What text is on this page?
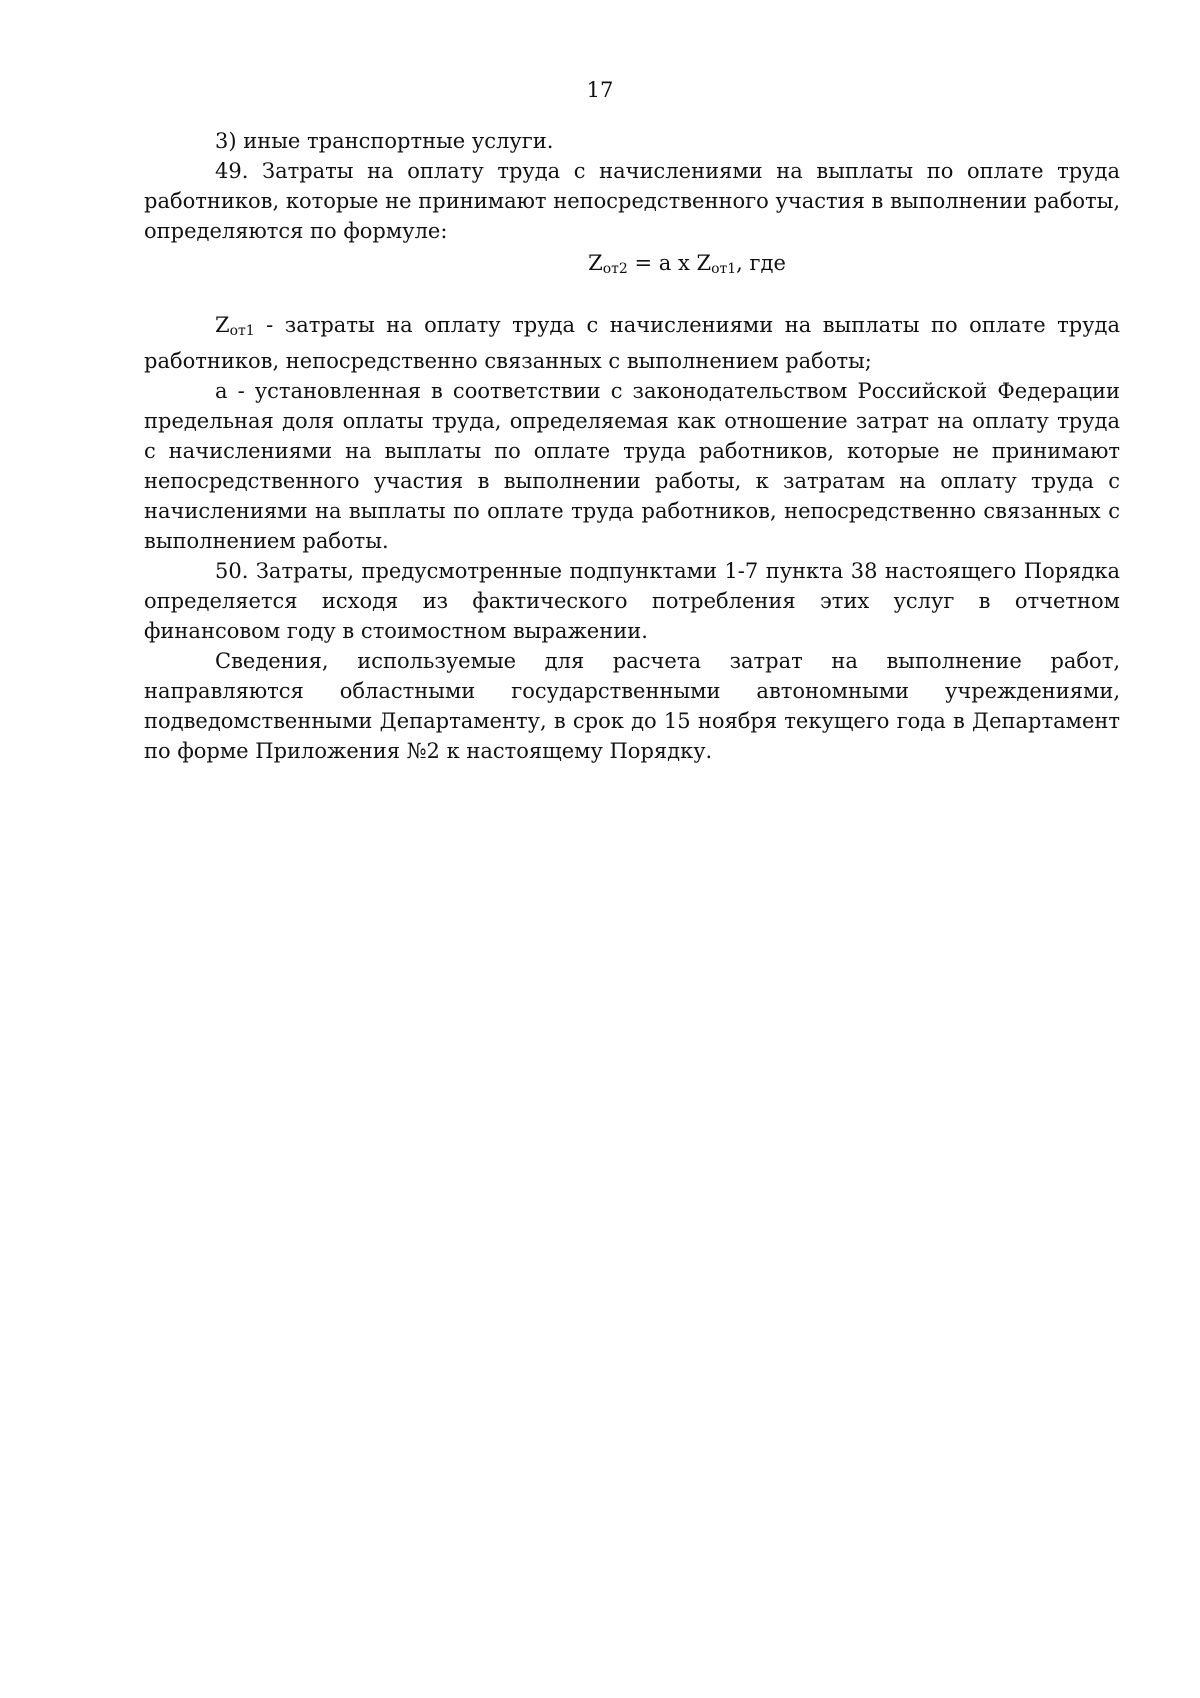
17

3) иные транспортные услуги.

49. Затраты на оплату труда с начислениями на выплаты по оплате труда работников, которые не принимают непосредственного участия в выполнении работы, определяются по формуле:

$Z_{от2} = a$ x $Z_{от1}$, где

Zот1 - затраты на оплату труда с начислениями на выплаты по оплате труда работников, непосредственно связанных с выполнением работы;

a - установленная в соответствии с законодательством Российской Федерации предельная доля оплаты труда, определяемая как отношение затрат на оплату труда с начислениями на выплаты по оплате труда работников, которые не принимают непосредственного участия в выполнении работы, к затратам на оплату труда с начислениями на выплаты по оплате труда работников, непосредственно связанных с выполнением работы.

50. Затраты, предусмотренные подпунктами 1-7 пункта 38 настоящего Порядка определяется исходя из фактического потребления этих услуг в отчетном финансовом году в стоимостном выражении.

Сведения, используемые для расчета затрат на выполнение работ, направляются областными государственными автономными учреждениями, подведомственными Департаменту, в срок до 15 ноября текущего года в Департамент по форме Приложения №2 к настоящему Порядку.
